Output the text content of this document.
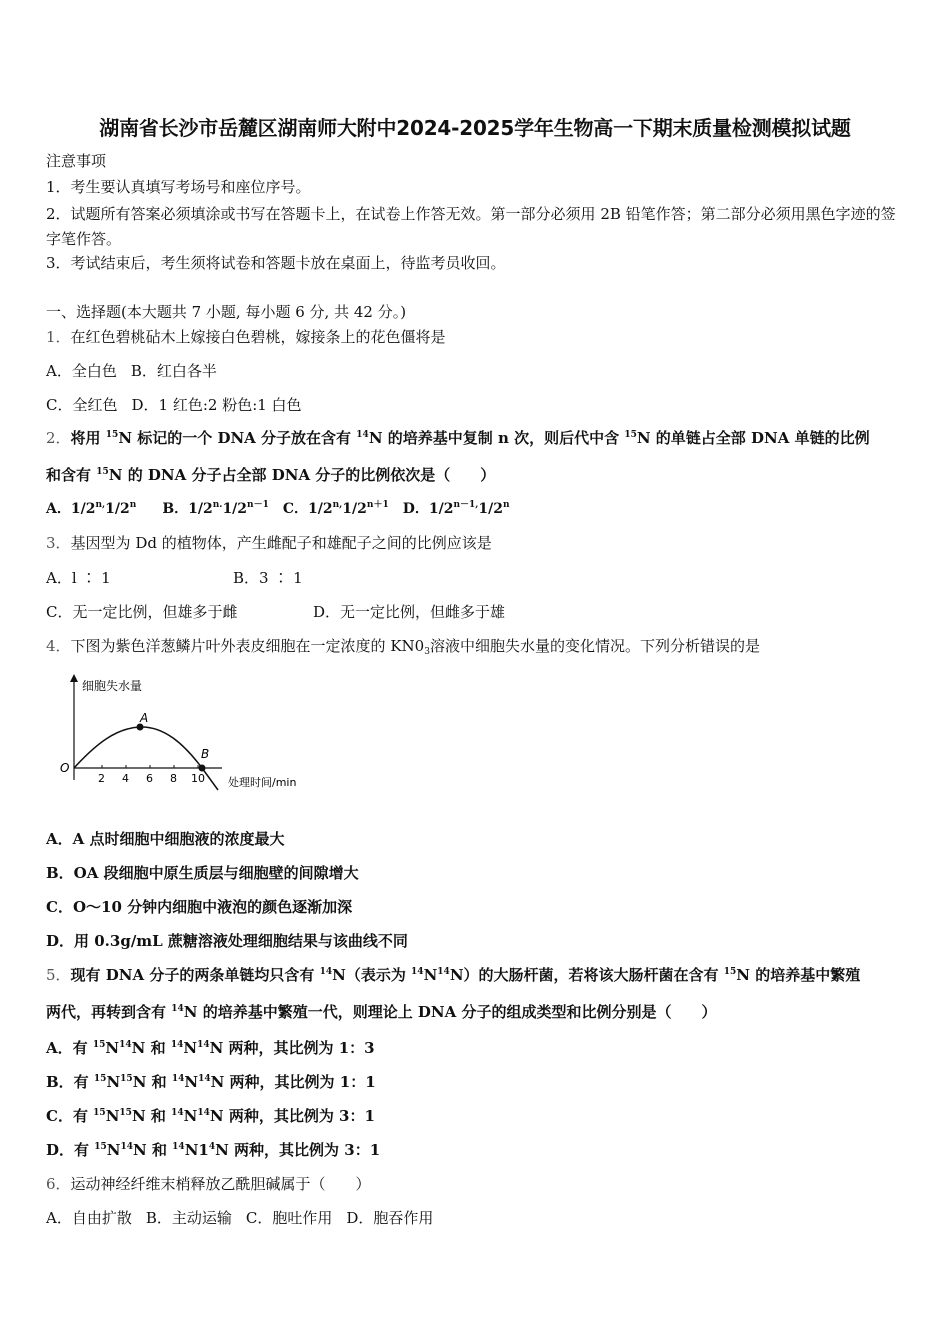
湖南省长沙市岳麓区湖南师大附中2024-2025学年生物高一下期末质量检测模拟试题
注意事项
1．考生要认真填写考场号和座位序号。
2．试题所有答案必须填涂或书写在答题卡上，在试卷上作答无效。第一部分必须用 2B 铅笔作答；第二部分必须用黑色字迹的签字笔作答。
3．考试结束后，考生须将试卷和答题卡放在桌面上，待监考员收回。
一、选择题(本大题共 7 小题, 每小题 6 分, 共 42 分。)
1．在红色碧桃砧木上嫁接白色碧桃，嫁接条上的花色僵将是
A．全白色 B．红白各半
C．全红色 D．1 红色:2 粉色:1 白色
2．将用 $^{15}$N 标记的一个 DNA 分子放在含有 $^{14}$N 的培养基中复制 n 次，则后代中含 $^{15}$N 的单链占全部 DNA 单链的比例
和含有 $^{15}$N 的 DNA 分子占全部 DNA 分子的比例依次是（　　）
A．$1/2^{n,}1/2^n$ B．$1/2^{n.}1/2^{n-1}$ C．$1/2^{n,}1/2^{n+1}$ D．$1/2^{n-1,}1/2^n$
3．基因型为 Dd 的植物体，产生雌配子和雄配子之间的比例应该是
A．l ∶ 1	B．3 ∶ 1
C．无一定比例，但雄多于雌	D．无一定比例，但雌多于雄
4．下图为紫色洋葱鳞片叶外表皮细胞在一定浓度的 $KN0_3$溶液中细胞失水量的变化情况。下列分析错误的是
细胞失水量
O
A
B
2 4 6 8 10 处理时间/min
A．A 点时细胞中细胞液的浓度最大
B．OA 段细胞中原生质层与细胞壁的间隙增大
C．O～10 分钟内细胞中液泡的颜色逐渐加深
D．用 0.3g/mL 蔗糖溶液处理细胞结果与该曲线不同
5．现有 DNA 分子的两条单链均只含有 $^{14}$N（表示为 $^{14}N^{14}N$）的大肠杆菌，若将该大肠杆菌在含有 $^{15}$N 的培养基中繁殖
两代，再转到含有 $^{14}$N 的培养基中繁殖一代，则理论上 DNA 分子的组成类型和比例分别是（　　）
A．有 $^{15}N^{14}N$ 和 $^{14}N^{14}N$ 两种，其比例为 1：3
B．有 $^{15}N^{15}N$ 和 $^{14}N^{14}N$ 两种，其比例为 1：1
C．有 $^{15}N^{15}N$ 和 $^{14}N^{14}N$ 两种，其比例为 3：1
D．有 $^{15}N^{14}N$ 和 $^{14}N1^4N$ 两种，其比例为 3：1
6．运动神经纤维末梢释放乙酰胆碱属于（　　）
A．自由扩散 B．主动运输 C．胞吐作用 D．胞吞作用
